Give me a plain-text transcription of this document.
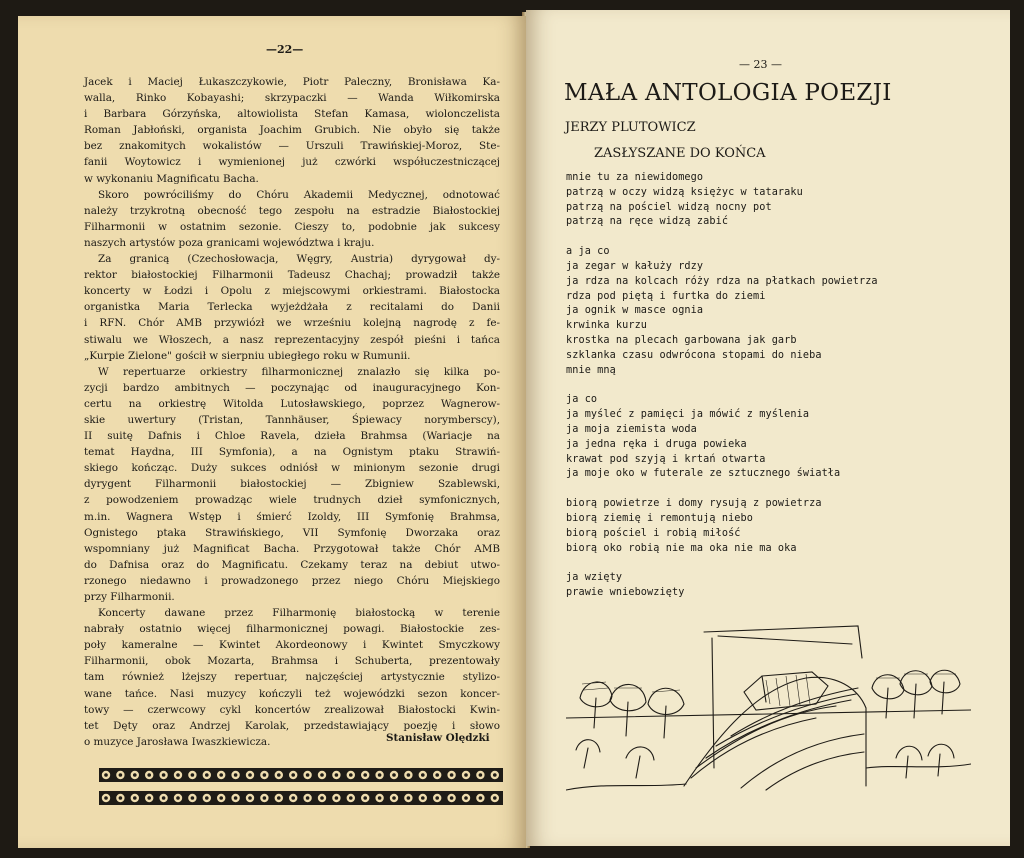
—22—

Jacek i Maciej Łukaszczykowie, Piotr Paleczny, Bronisława Ka-

walla, Rinko Kobayashi; skrzypaczki — Wanda Wiłkomirska

i Barbara Górzyńska, altowiolista Stefan Kamasa, wiolonczelista

Roman Jabłoński, organista Joachim Grubich. Nie obyło się także

bez znakomitych wokalistów — Urszuli Trawińskiej-Moroz, Ste-

fanii Woytowicz i wymienionej już czwórki współuczestniczącej

w wykonaniu Magnificatu Bacha.

Skoro powróciliśmy do Chóru Akademii Medycznej, odnotować

należy trzykrotną obecność tego zespołu na estradzie Białostockiej

Filharmonii w ostatnim sezonie. Cieszy to, podobnie jak sukcesy

naszych artystów poza granicami województwa i kraju.

Za granicą (Czechosłowacja, Węgry, Austria) dyrygował dy-

rektor białostockiej Filharmonii Tadeusz Chachaj; prowadził także

koncerty w Łodzi i Opolu z miejscowymi orkiestrami. Białostocka

organistka Maria Terlecka wyjeżdżała z recitalami do Danii

i RFN. Chór AMB przywiózł we wrześniu kolejną nagrodę z fe-

stiwalu we Włoszech, a nasz reprezentacyjny zespół pieśni i tańca

„Kurpie Zielone" gościł w sierpniu ubiegłego roku w Rumunii.

W repertuarze orkiestry filharmonicznej znalazło się kilka po-

zycji bardzo ambitnych — poczynając od inauguracyjnego Kon-

certu na orkiestrę Witolda Lutosławskiego, poprzez Wagnerow-

skie uwertury (Tristan, Tannhäuser, Śpiewacy norymberscy),

II suitę Dafnis i Chloe Ravela, dzieła Brahmsa (Wariacje na

temat Haydna, III Symfonia), a na Ognistym ptaku Strawiń-

skiego kończąc. Duży sukces odniósł w minionym sezonie drugi

dyrygent Filharmonii białostockiej — Zbigniew Szablewski,

z powodzeniem prowadząc wiele trudnych dzieł symfonicznych,

m.in. Wagnera Wstęp i śmierć Izoldy, III Symfonię Brahmsa,

Ognistego ptaka Strawińskiego, VII Symfonię Dworzaka oraz

wspomniany już Magnificat Bacha. Przygotował także Chór AMB

do Dafnisa oraz do Magnificatu. Czekamy teraz na debiut utwo-

rzonego niedawno i prowadzonego przez niego Chóru Miejskiego

przy Filharmonii.

Koncerty dawane przez Filharmonię białostocką w terenie

nabrały ostatnio więcej filharmonicznej powagi. Białostockie zes-

poły kameralne — Kwintet Akordeonowy i Kwintet Smyczkowy

Filharmonii, obok Mozarta, Brahmsa i Schuberta, prezentowały

tam również lżejszy repertuar, najczęściej artystycznie stylizo-

wane tańce. Nasi muzycy kończyli też wojewódzki sezon koncer-

towy — czerwcowy cykl koncertów zrealizował Białostocki Kwin-

tet Dęty oraz Andrzej Karolak, przedstawiający poezję i słowo

o muzyce Jarosława Iwaszkiewicza.	Stanisław Olędzki
— 23 —
MAŁA ANTOLOGIA POEZJI
JERZY PLUTOWICZ
ZASŁYSZANE DO KOŃCA
mnie tu za niewidomego
patrzą w oczy widzą księżyc w tataraku
patrzą na pościel widzą nocny pot
patrzą na ręce widzą zabić
a ja co
ja zegar w kałuży rdzy
ja rdza na kolcach róży rdza na płatkach powietrza
rdza pod piętą i furtka do ziemi
ja ognik w masce ognia
krwinka kurzu
krostka na plecach garbowana jak garb
szklanka czasu odwrócona stopami do nieba
mnie mną
ja co
ja myśleć z pamięci ja mówić z myślenia
ja moja ziemista woda
ja jedna ręka i druga powieka
krawat pod szyją i krtań otwarta
ja moje oko w futerale ze sztucznego światła
biorą powietrze i domy rysują z powietrza
biorą ziemię i remontują niebo
biorą pościel i robią miłość
biorą oko robią nie ma oka nie ma oka
ja wzięty
prawie wniebowzięty
